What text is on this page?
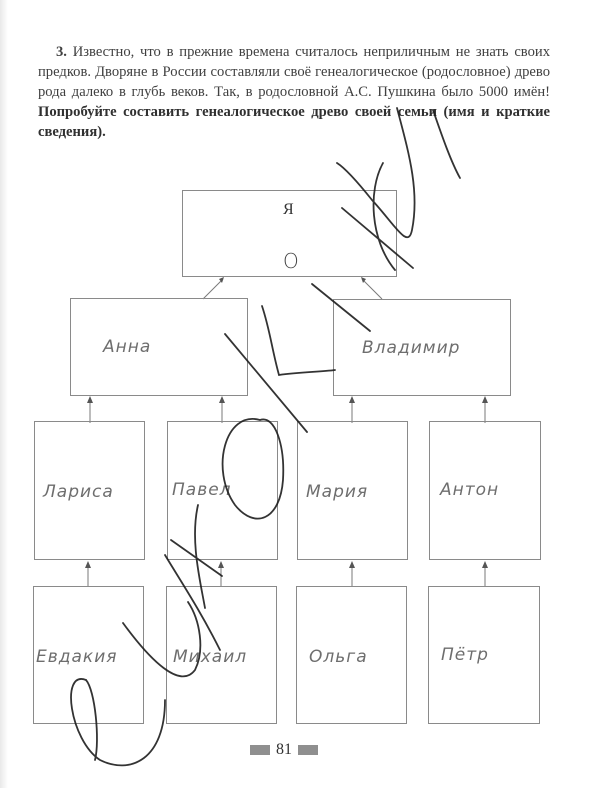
3. Известно, что в прежние времена считалось неприличным не знать своих предков. Дворяне в России составляли своё генеалогическое (родословное) древо рода далеко в глубь веков. Так, в родословной А.С. Пушкина было 5000 имён! Попробуйте составить генеалогическое древо своей семьи (имя и краткие сведения).

Я
О
Анна	Владимир
Лариса	Павел	Мария	Антон
Евдакия	Михаил	Ольга	Пётр
81
